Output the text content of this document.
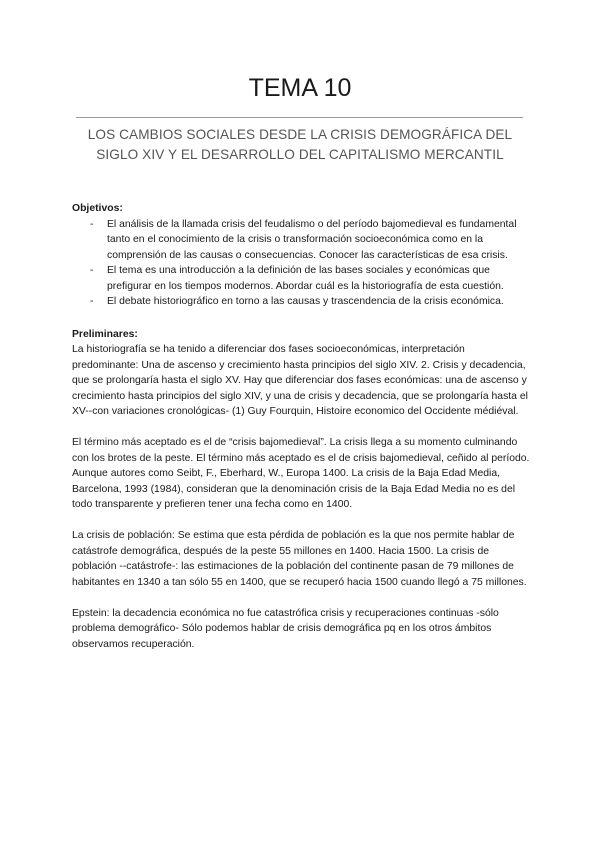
TEMA 10
LOS CAMBIOS SOCIALES DESDE LA CRISIS DEMOGRÁFICA DEL SIGLO XIV Y EL DESARROLLO DEL CAPITALISMO MERCANTIL

Objetivos:

- El análisis de la llamada crisis del feudalismo o del período bajomedieval es fundamental tanto en el conocimiento de la crisis o transformación socioeconómica como en la comprensión de las causas o consecuencias. Conocer las características de esa crisis.
- El tema es una introducción a la definición de las bases sociales y económicas que prefigurar en los tiempos modernos. Abordar cuál es la historiografía de esta cuestión.
- El debate historiográfico en torno a las causas y trascendencia de la crisis económica.

Preliminares:

La historiografía se ha tenido a diferenciar dos fases socioeconómicas, interpretación predominante: Una de ascenso y crecimiento hasta principios del siglo XIV. 2. Crisis y decadencia, que se prolongaría hasta el siglo XV. Hay que diferenciar dos fases económicas: una de ascenso y crecimiento hasta principios del siglo XIV, y una de crisis y decadencia, que se prolongaría hasta el XV--con variaciones cronológicas- (1) Guy Fourquin, Histoire economico del Occidente médiéval.

El término más aceptado es el de “crisis bajomedieval”. La crisis llega a su momento culminando con los brotes de la peste. El término más aceptado es el de crisis bajomedieval, ceñido al período. Aunque autores como Seibt, F., Eberhard, W., Europa 1400. La crisis de la Baja Edad Media, Barcelona, 1993 (1984), consideran que la denominación crisis de la Baja Edad Media no es del todo transparente y prefieren tener una fecha como en 1400.

La crisis de población: Se estima que esta pérdida de población es la que nos permite hablar de catástrofe demográfica, después de la peste 55 millones en 1400. Hacia 1500. La crisis de población --catástrofe-: las estimaciones de la población del continente pasan de 79 millones de habitantes en 1340 a tan sólo 55 en 1400, que se recuperó hacia 1500 cuando llegó a 75 millones.

Epstein: la decadencia económica no fue catastrófica crisis y recuperaciones continuas -sólo problema demográfico- Sólo podemos hablar de crisis demográfica pq en los otros ámbitos observamos recuperación.
